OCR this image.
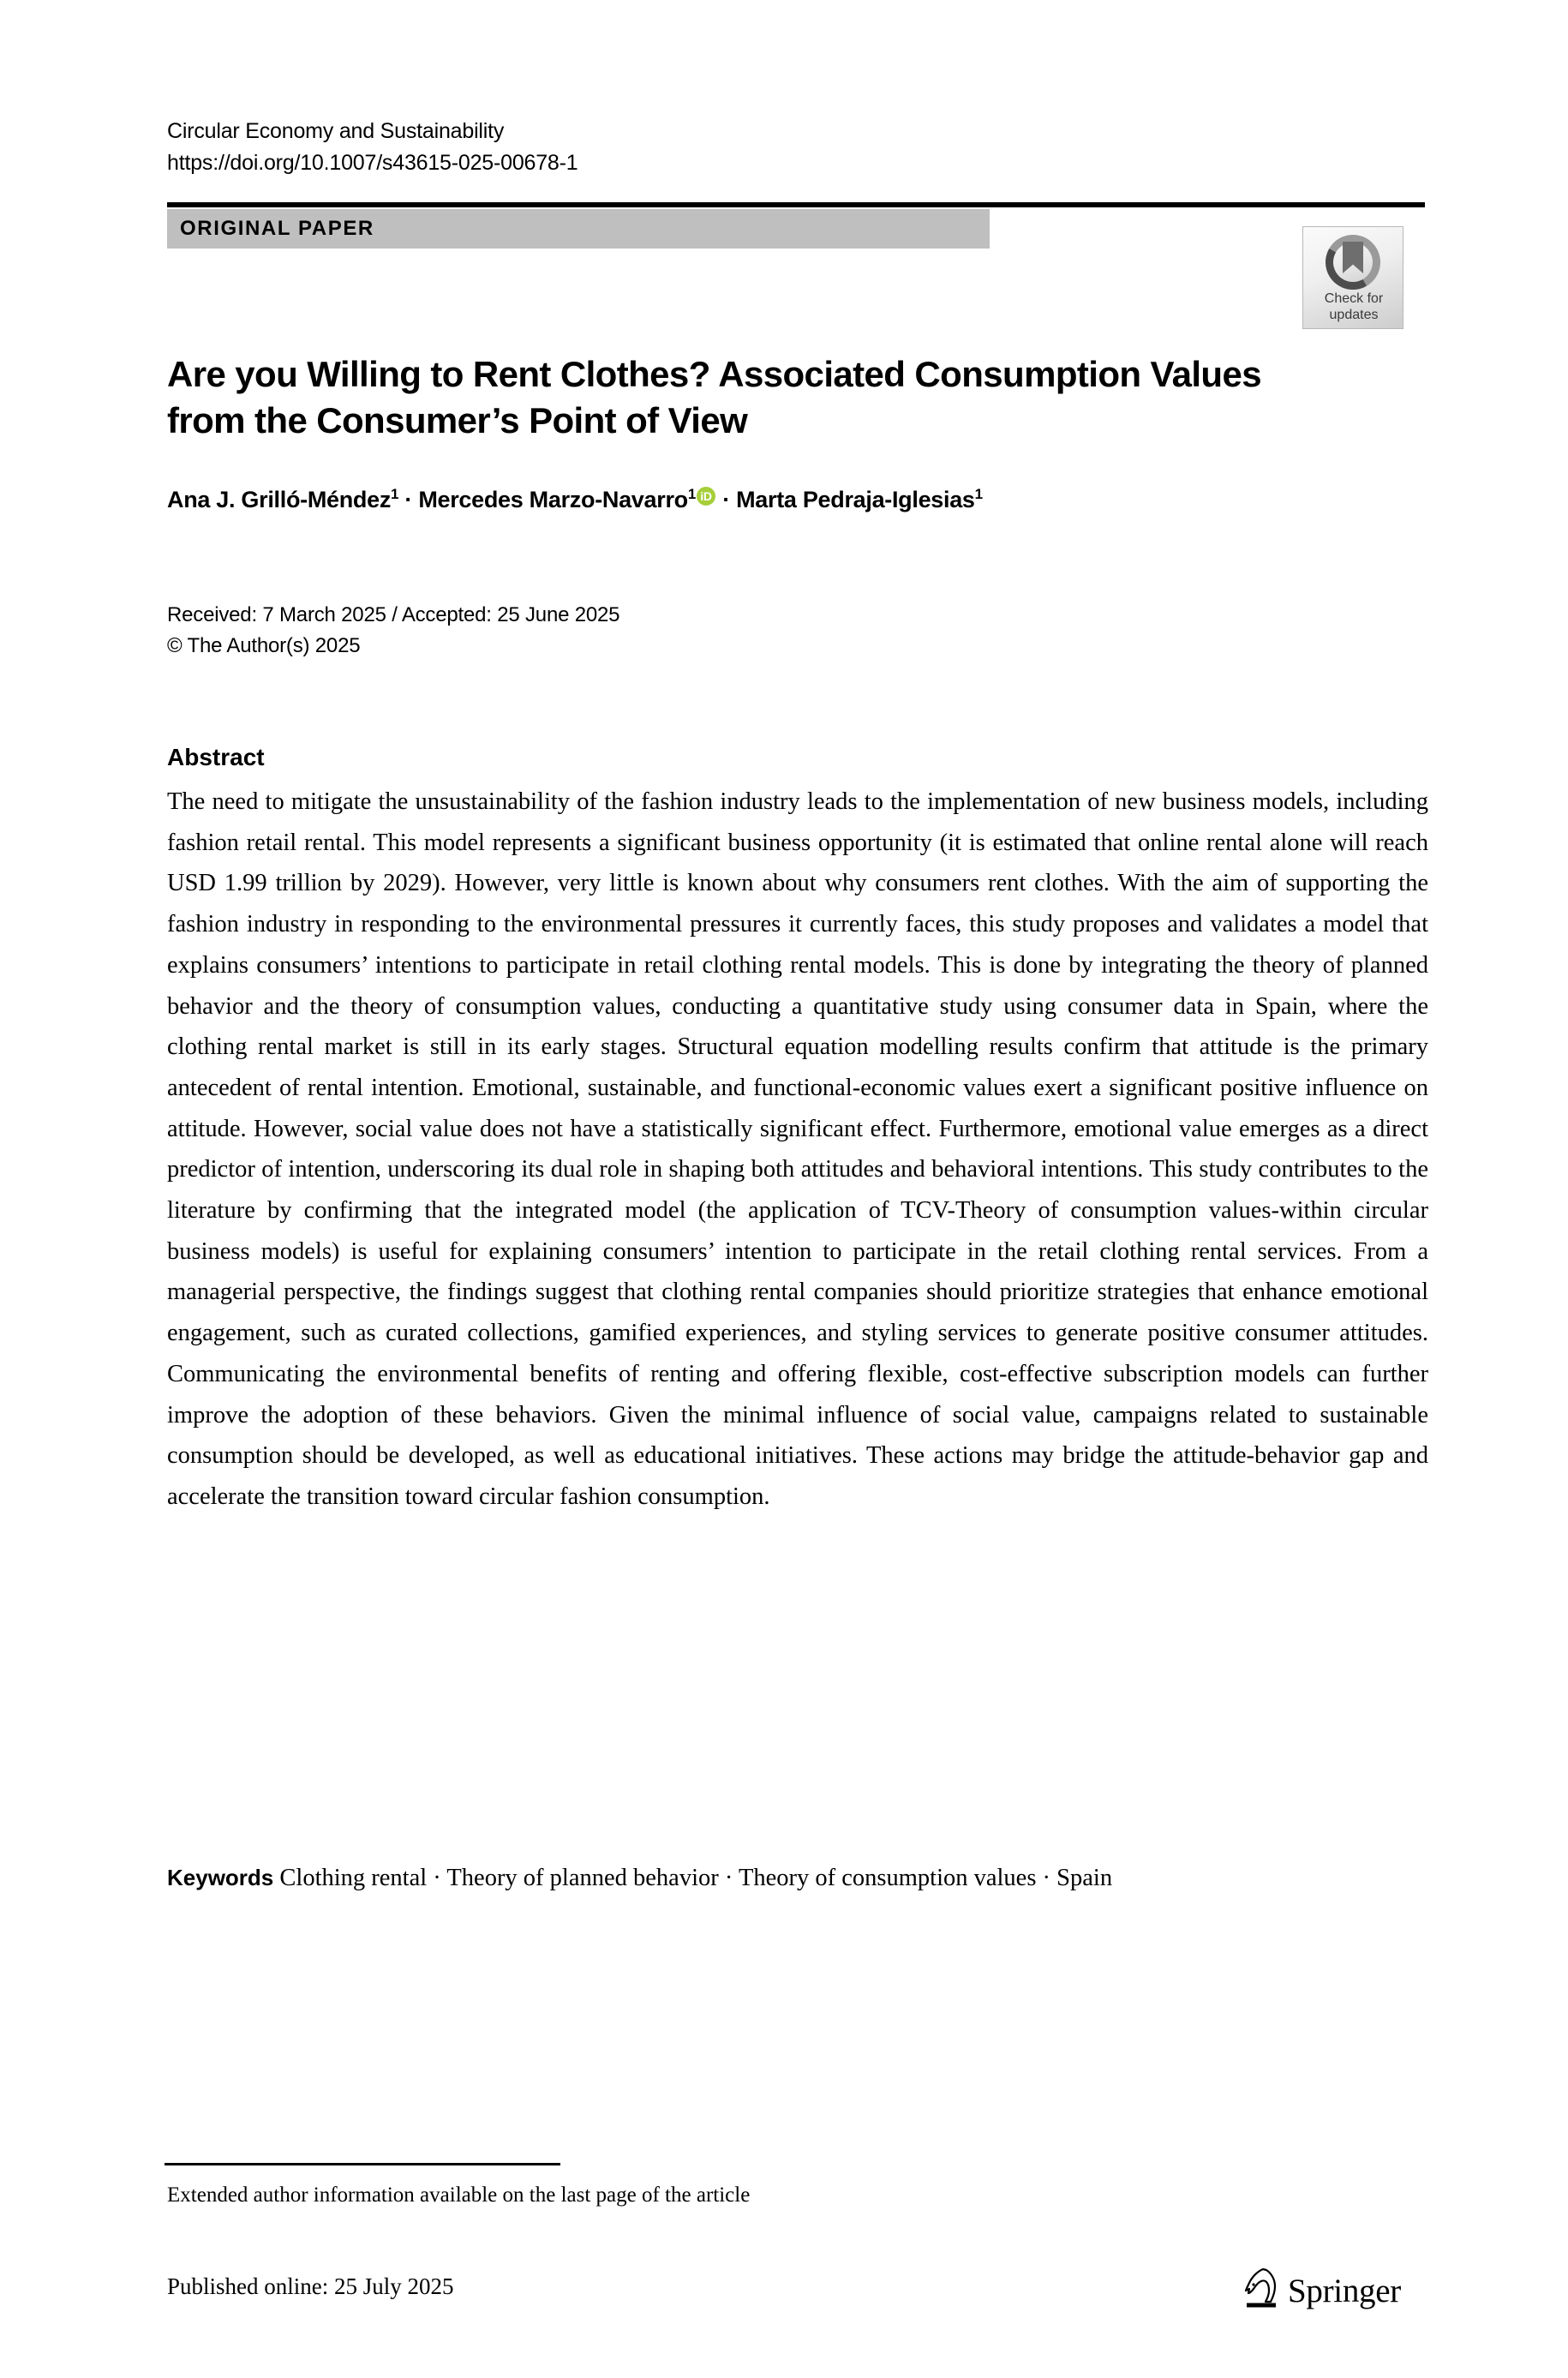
Circular Economy and Sustainability
https://doi.org/10.1007/s43615-025-00678-1
ORIGINAL PAPER
Check for
updates
Are you Willing to Rent Clothes? Associated Consumption Values from the Consumer’s Point of View
Ana J. Grilló-Méndez$^1$ · Mercedes Marzo-Navarro$^1$ iD · Marta Pedraja-Iglesias$^1$
Received: 7 March 2025 / Accepted: 25 June 2025
© The Author(s) 2025
Abstract
The need to mitigate the unsustainability of the fashion industry leads to the implementation of new business models, including fashion retail rental. This model represents a significant business opportunity (it is estimated that online rental alone will reach USD 1.99 trillion by 2029). However, very little is known about why consumers rent clothes. With the aim of supporting the fashion industry in responding to the environmental pressures it currently faces, this study proposes and validates a model that explains consumers’ intentions to participate in retail clothing rental models. This is done by integrating the theory of planned behavior and the theory of consumption values, conducting a quantitative study using consumer data in Spain, where the clothing rental market is still in its early stages. Structural equation modelling results confirm that attitude is the primary antecedent of rental intention. Emotional, sustainable, and functional-economic values exert a significant positive influence on attitude. However, social value does not have a statistically significant effect. Furthermore, emotional value emerges as a direct predictor of intention, underscoring its dual role in shaping both attitudes and behavioral intentions. This study contributes to the literature by confirming that the integrated model (the application of TCV-Theory of consumption values-within circular business models) is useful for explaining consumers’ intention to participate in the retail clothing rental services. From a managerial perspective, the findings suggest that clothing rental companies should prioritize strategies that enhance emotional engagement, such as curated collections, gamified experiences, and styling services to generate positive consumer attitudes. Communicating the environmental benefits of renting and offering flexible, cost-effective subscription models can further improve the adoption of these behaviors. Given the minimal influence of social value, campaigns related to sustainable consumption should be developed, as well as educational initiatives. These actions may bridge the attitude-behavior gap and accelerate the transition toward circular fashion consumption.
Keywords Clothing rental · Theory of planned behavior · Theory of consumption values · Spain
Extended author information available on the last page of the article
Published online: 25 July 2025	Springer
